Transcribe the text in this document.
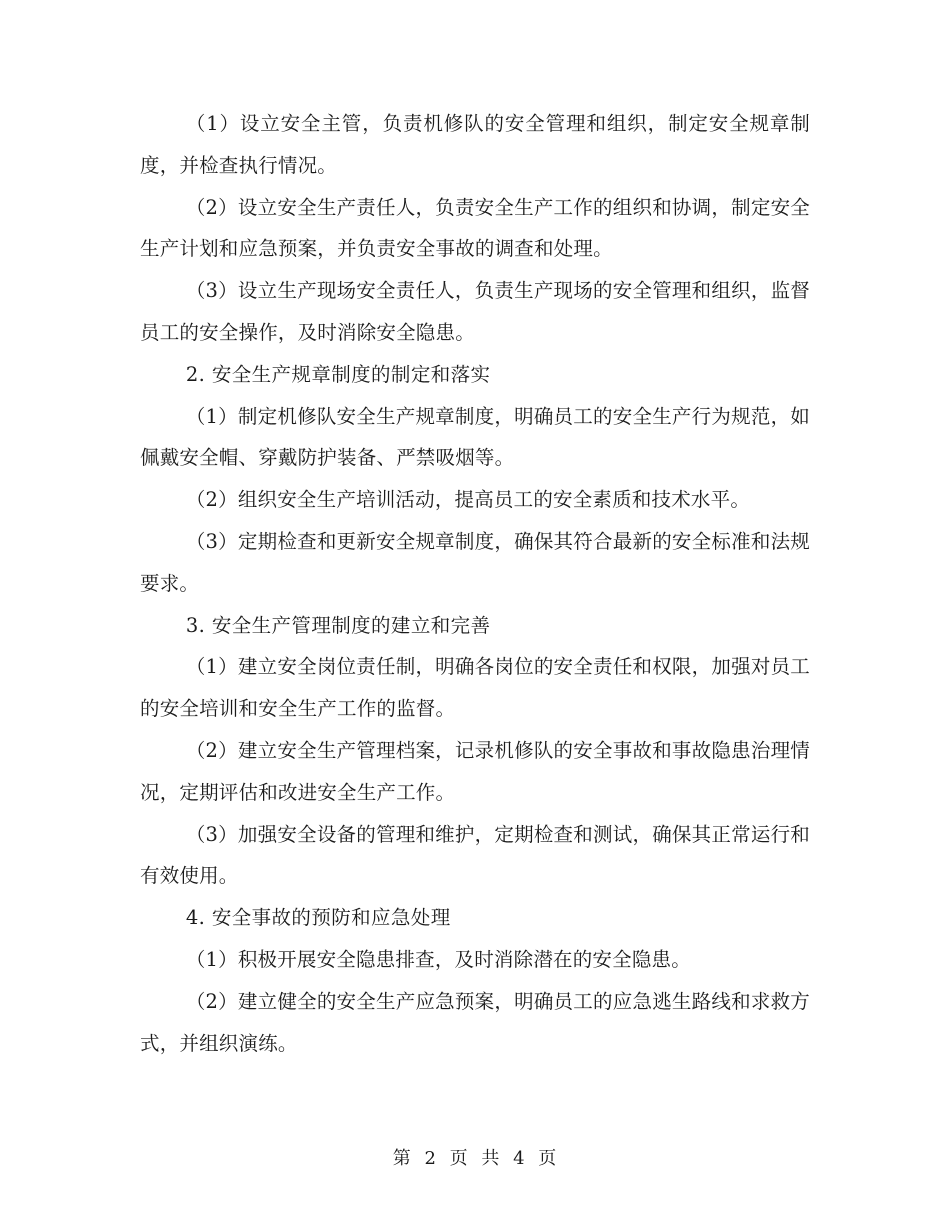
（1）设立安全主管，负责机修队的安全管理和组织，制定安全规章制度，并检查执行情况。

（2）设立安全生产责任人，负责安全生产工作的组织和协调，制定安全生产计划和应急预案，并负责安全事故的调查和处理。

（3）设立生产现场安全责任人，负责生产现场的安全管理和组织，监督员工的安全操作，及时消除安全隐患。

2. 安全生产规章制度的制定和落实

（1）制定机修队安全生产规章制度，明确员工的安全生产行为规范，如佩戴安全帽、穿戴防护装备、严禁吸烟等。

（2）组织安全生产培训活动，提高员工的安全素质和技术水平。

（3）定期检查和更新安全规章制度，确保其符合最新的安全标准和法规要求。

3. 安全生产管理制度的建立和完善

（1）建立安全岗位责任制，明确各岗位的安全责任和权限，加强对员工的安全培训和安全生产工作的监督。

（2）建立安全生产管理档案，记录机修队的安全事故和事故隐患治理情况，定期评估和改进安全生产工作。

（3）加强安全设备的管理和维护，定期检查和测试，确保其正常运行和有效使用。

4. 安全事故的预防和应急处理

（1）积极开展安全隐患排查，及时消除潜在的安全隐患。

（2）建立健全的安全生产应急预案，明确员工的应急逃生路线和求救方式，并组织演练。

第 2 页 共 4 页
